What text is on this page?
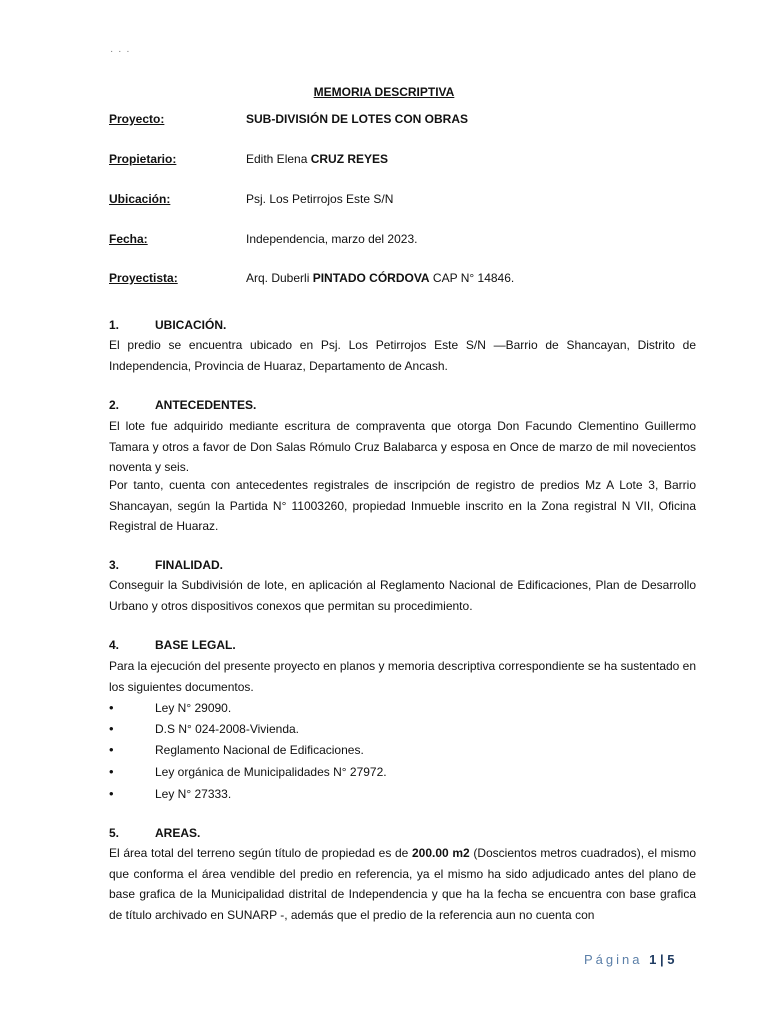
· · ·
MEMORIA DESCRIPTIVA
Proyecto:	SUB-DIVISIÓN DE LOTES CON OBRAS
Propietario:	Edith Elena CRUZ REYES
Ubicación:	Psj. Los Petirrojos Este S/N
Fecha:	Independencia, marzo del 2023.
Proyectista:	Arq. Duberli PINTADO CÓRDOVA CAP N° 14846.
1.	UBICACIÓN.

El predio se encuentra ubicado en Psj. Los Petirrojos Este S/N —Barrio de Shancayan, Distrito de Independencia, Provincia de Huaraz, Departamento de Ancash.

2.	ANTECEDENTES.

El lote fue adquirido mediante escritura de compraventa que otorga Don Facundo Clementino Guillermo Tamara y otros a favor de Don Salas Rómulo Cruz Balabarca y esposa en Once de marzo de mil novecientos noventa y seis.

Por tanto, cuenta con antecedentes registrales de inscripción de registro de predios Mz A Lote 3, Barrio Shancayan, según la Partida N° 11003260, propiedad Inmueble inscrito en la Zona registral N VII, Oficina Registral de Huaraz.

3.	FINALIDAD.

Conseguir la Subdivisión de lote, en aplicación al Reglamento Nacional de Edificaciones, Plan de Desarrollo Urbano y otros dispositivos conexos que permitan su procedimiento.

4.	BASE LEGAL.

Para la ejecución del presente proyecto en planos y memoria descriptiva correspondiente se ha sustentado en los siguientes documentos.

•	Ley N° 29090.
•	D.S N° 024-2008-Vivienda.
•	Reglamento Nacional de Edificaciones.
•	Ley orgánica de Municipalidades N° 27972.
•	Ley N° 27333.
5.	AREAS.

El área total del terreno según título de propiedad es de 200.00 m2 (Doscientos metros cuadrados), el mismo que conforma el área vendible del predio en referencia, ya el mismo ha sido adjudicado antes del plano de base grafica de la Municipalidad distrital de Independencia y que ha la fecha se encuentra con base grafica de título archivado en SUNARP -, además que el predio de la referencia aun no cuenta con

Página 1 | 5
